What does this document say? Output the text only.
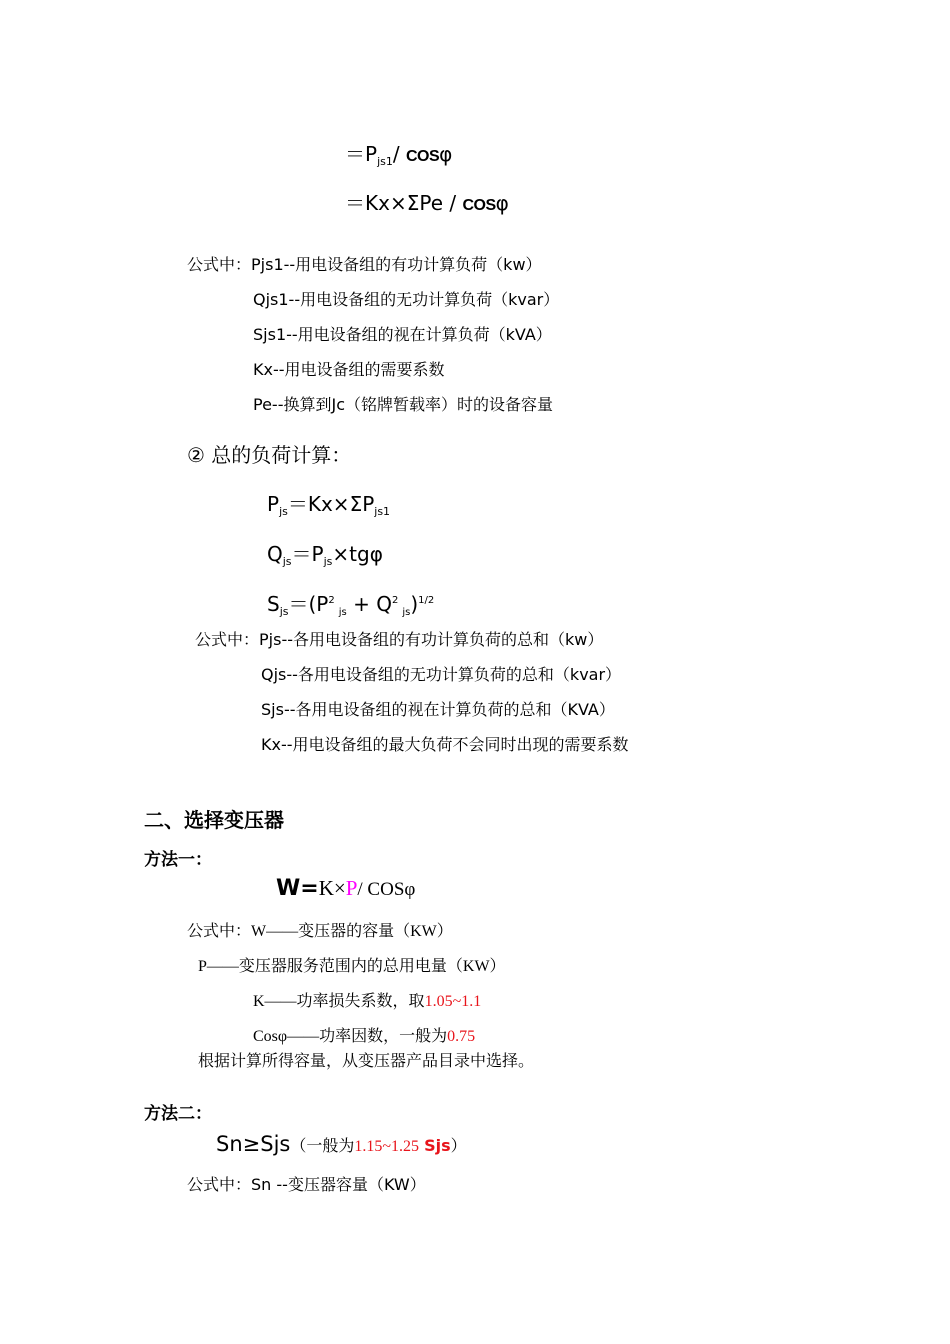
$=P_{js1}/$ COSφ
＝Kx×ΣPe / COSφ
公式中：Pjs1--用电设备组的有功计算负荷（kw）
Qjs1--用电设备组的无功计算负荷（kvar）
Sjs1--用电设备组的视在计算负荷（kVA）
Kx--用电设备组的需要系数
Pe--换算到Jc（铭牌暂载率）时的设备容量
② 总的负荷计算：
$P_{js}=Kx\times\Sigma P_{js1}$
$Q_{js}=P_{js}\times tg\varphi$
$S_{js}=(P^2_{js} + Q^2_{js})^{1/2}$
公式中：Pjs--各用电设备组的有功计算负荷的总和（kw）
Qjs--各用电设备组的无功计算负荷的总和（kvar）
Sjs--各用电设备组的视在计算负荷的总和（KVA）
Kx--用电设备组的最大负荷不会同时出现的需要系数
二、选择变压器
方法一：
W=K×P/ COSφ
公式中：W——变压器的容量（KW）
P——变压器服务范围内的总用电量（KW）
K——功率损失系数，取1.05~1.1
Cosφ——功率因数，一般为0.75
根据计算所得容量，从变压器产品目录中选择。
方法二：
Sn≥Sjs（一般为1.15~1.25 Sjs）
公式中：Sn --变压器容量（KW）
